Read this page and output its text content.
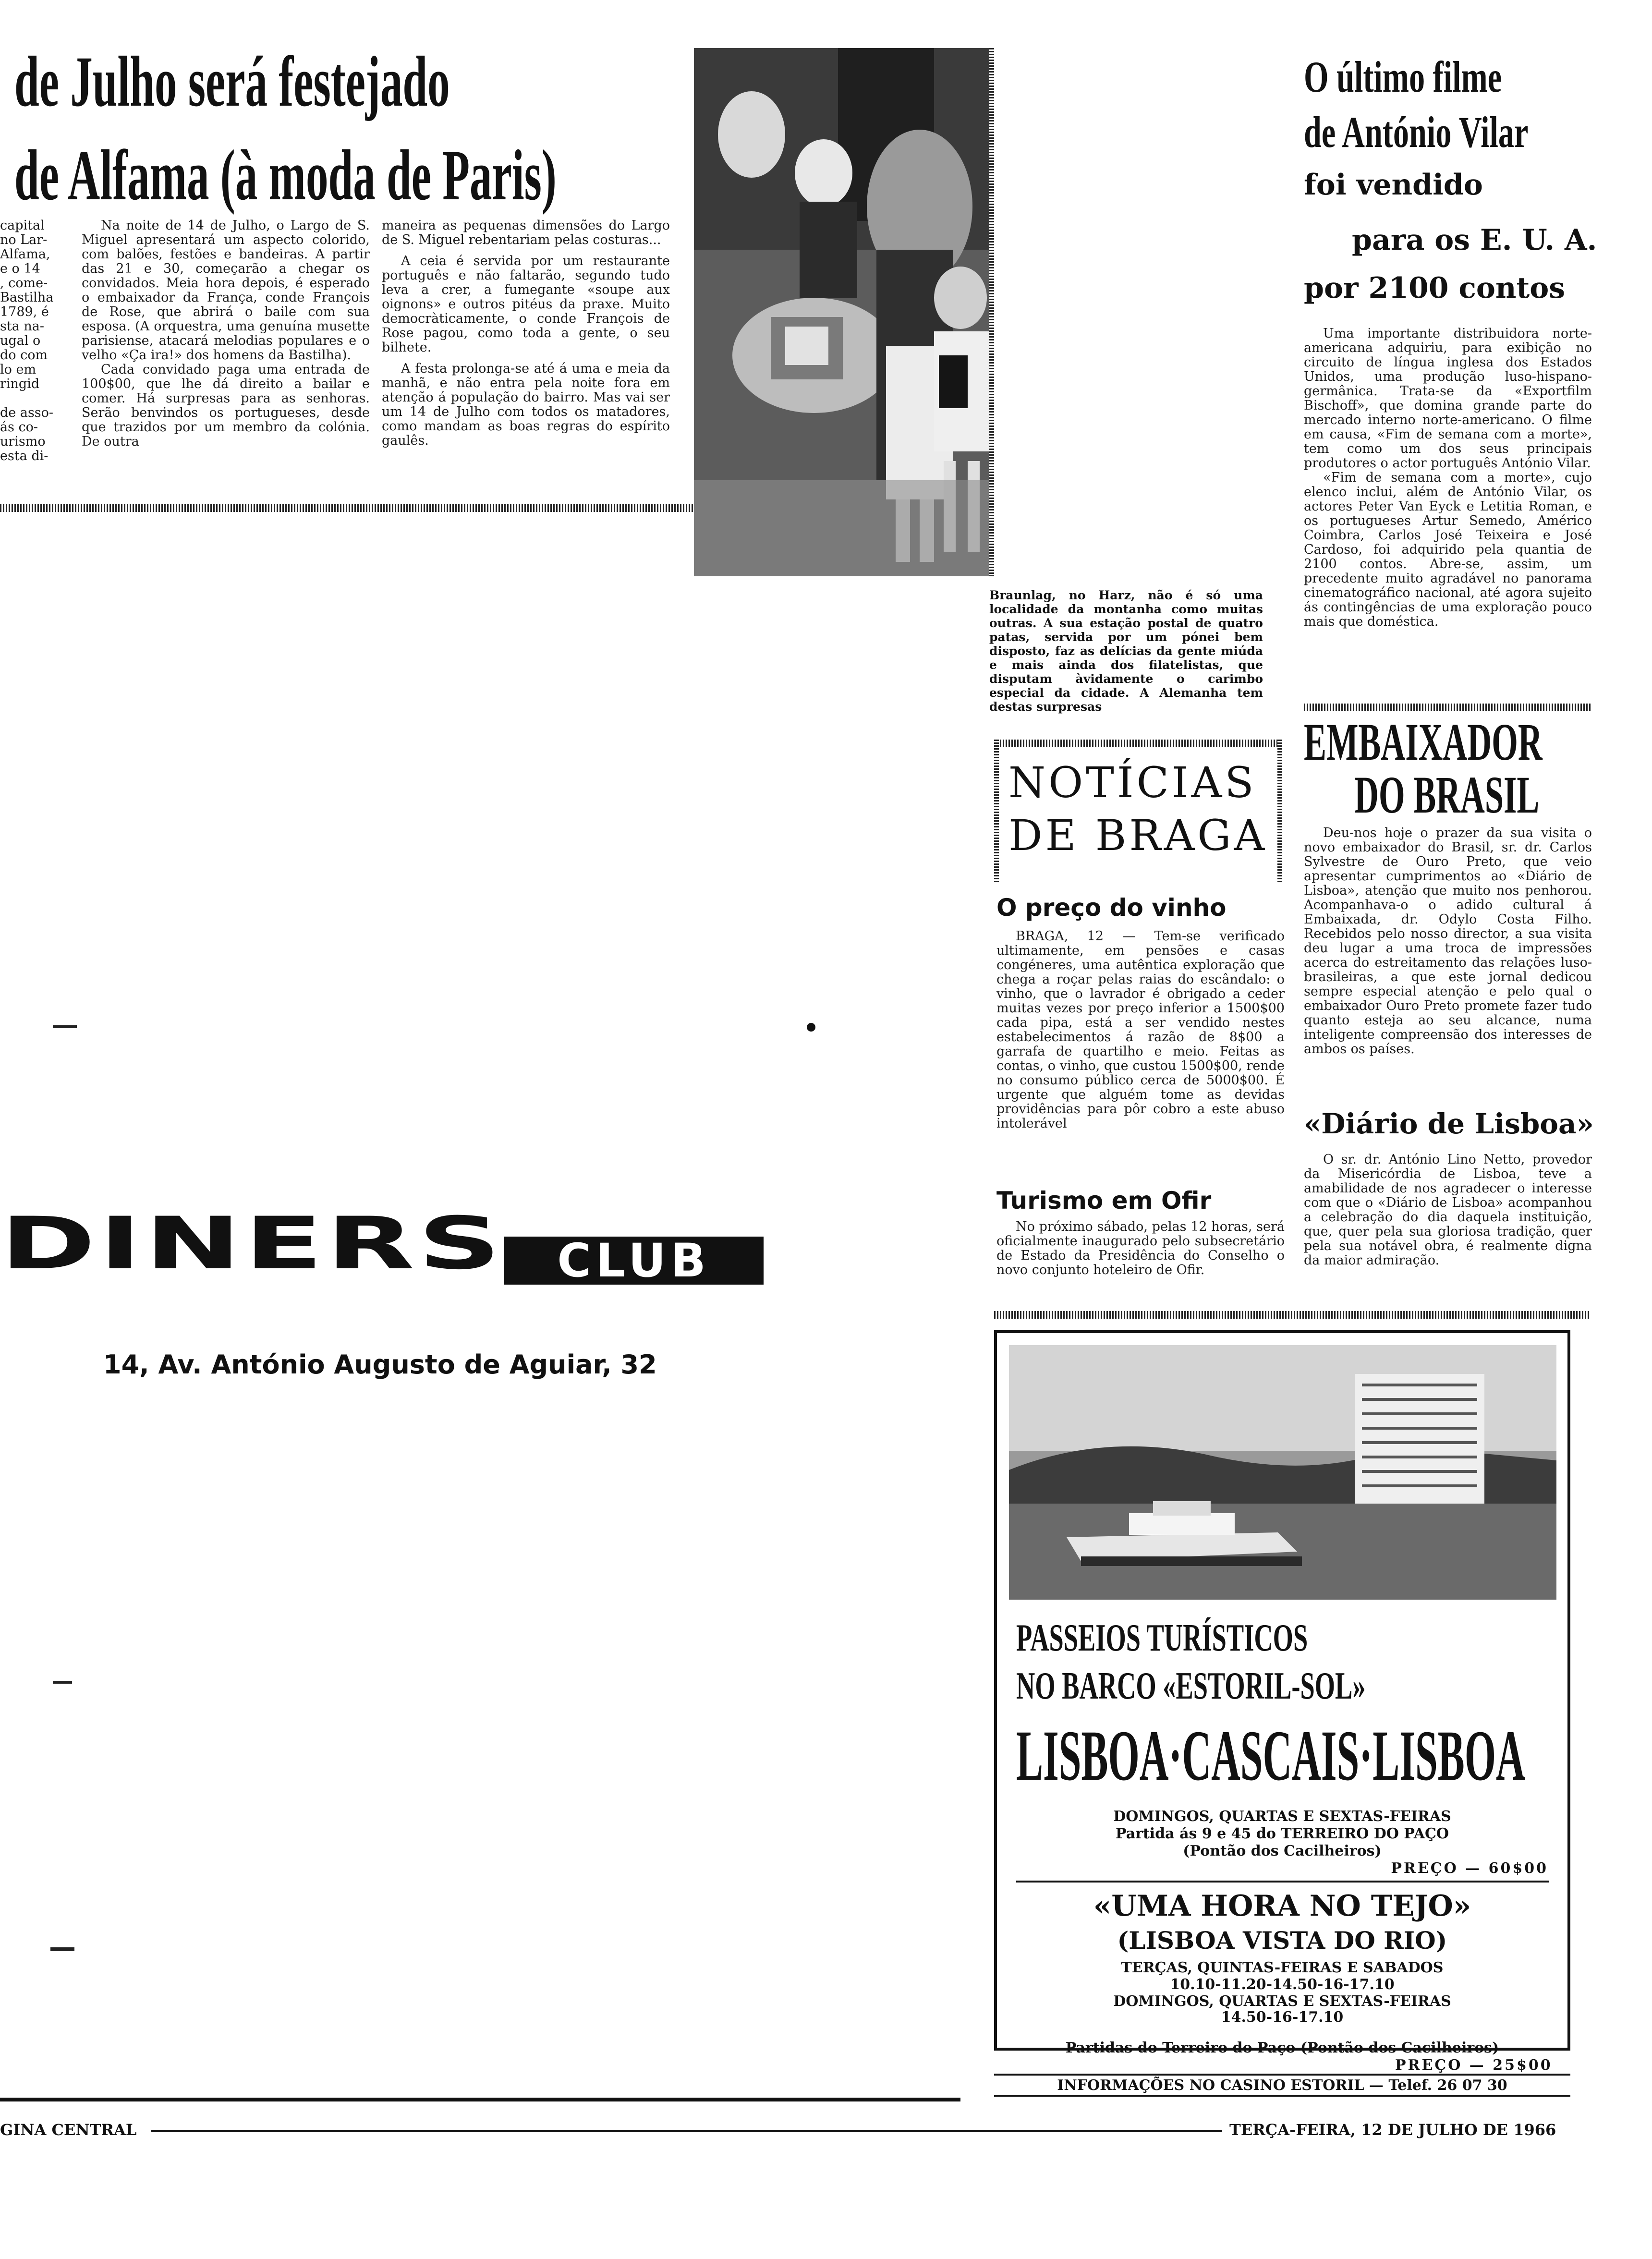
de Julho será festejado
de Alfama (à moda de Paris)
capital
no Lar-
Alfama,
e o 14
, come-
Bastilha
1789, é
sta na-
ugal o
do com
lo em
ringid

de asso-
ás co-
urismo
esta di-

Na noite de 14 de Julho, o Largo de S. Miguel apresentará um aspecto colorido, com balões, festões e bandeiras. A partir das 21 e 30, começarão a chegar os convidados. Meia hora depois, é esperado o embaixador da França, conde François de Rose, que abrirá o baile com sua esposa. (A orquestra, uma genuína musette parisiense, atacará melodias populares e o velho «Ça ira!» dos homens da Bastilha).

Cada convidado paga uma entrada de 100$00, que lhe dá direito a bailar e comer. Há surpresas para as senhoras. Serão benvindos os portugueses, desde que trazidos por um membro da colónia. De outra

maneira as pequenas dimensões do Largo de S. Miguel rebentariam pelas costuras...

A ceia é servida por um restaurante português e não faltarão, segundo tudo leva a crer, a fumegante «soupe aux oignons» e outros pitéus da praxe. Muito democràticamente, o conde François de Rose pagou, como toda a gente, o seu bilhete.

A festa prolonga-se até á uma e meia da manhã, e não entra pela noite fora em atenção á população do bairro. Mas vai ser um 14 de Julho com todos os matadores, como mandam as boas regras do espírito gaulês.

Braunlag, no Harz, não é só uma localidade da montanha como muitas outras. A sua estação postal de quatro patas, servida por um pónei bem disposto, faz as delícias da gente miúda e mais ainda dos filatelistas, que disputam àvidamente o carimbo especial da cidade. A Alemanha tem destas surpresas
O último filme
de António Vilar
foi vendido
para os E. U. A.
por 2100 contos

Uma importante distribuidora norte-americana adquiriu, para exibição no circuito de língua inglesa dos Estados Unidos, uma produção luso-hispano-germânica. Trata-se da «Exportfilm Bischoff», que domina grande parte do mercado interno norte-americano. O filme em causa, «Fim de semana com a morte», tem como um dos seus principais produtores o actor português António Vilar.

«Fim de semana com a morte», cujo elenco inclui, além de António Vilar, os actores Peter Van Eyck e Letitia Roman, e os portugueses Artur Semedo, Américo Coimbra, Carlos José Teixeira e José Cardoso, foi adquirido pela quantia de 2100 contos. Abre-se, assim, um precedente muito agradável no panorama cinematográfico nacional, até agora sujeito ás contingências de uma exploração pouco mais que doméstica.

EMBAIXADOR
DO BRASIL

Deu-nos hoje o prazer da sua visita o novo embaixador do Brasil, sr. dr. Carlos Sylvestre de Ouro Preto, que veio apresentar cumprimentos ao «Diário de Lisboa», atenção que muito nos penhorou. Acompanhava-o o adido cultural á Embaixada, dr. Odylo Costa Filho. Recebidos pelo nosso director, a sua visita deu lugar a uma troca de impressões acerca do estreitamento das relações luso-brasileiras, a que este jornal dedicou sempre especial atenção e pelo qual o embaixador Ouro Preto promete fazer tudo quanto esteja ao seu alcance, numa inteligente compreensão dos interesses de ambos os países.

«Diário de Lisboa»

O sr. dr. António Lino Netto, provedor da Misericórdia de Lisboa, teve a amabilidade de nos agradecer o interesse com que o «Diário de Lisboa» acompanhou a celebração do dia daquela instituição, que, quer pela sua gloriosa tradição, quer pela sua notável obra, é realmente digna da maior admiração.

NOTÍCIAS
DE BRAGA
O preço do vinho

BRAGA, 12 — Tem-se verificado ultimamente, em pensões e casas congéneres, uma autêntica exploração que chega a roçar pelas raias do escândalo: o vinho, que o lavrador é obrigado a ceder muitas vezes por preço inferior a 1500$00 cada pipa, está a ser vendido nestes estabelecimentos á razão de 8$00 a garrafa de quartilho e meio. Feitas as contas, o vinho, que custou 1500$00, rende no consumo público cerca de 5000$00. É urgente que alguém tome as devidas providências para pôr cobro a este abuso intolerável

Turismo em Ofir

No próximo sábado, pelas 12 horas, será oficialmente inaugurado pelo subsecretário de Estado da Presidência do Conselho o novo conjunto hoteleiro de Ofir.

DINERS	CLUB
14, Av. António Augusto de Aguiar, 32
PASSEIOS TURÍSTICOS
NO BARCO «ESTORIL-SOL»
LISBOA·CASCAIS·LISBOA
DOMINGOS, QUARTAS E SEXTAS-FEIRAS
Partida ás 9 e 45 do TERREIRO DO PAÇO
(Pontão dos Cacilheiros)
PREÇO — 60$00
«UMA HORA NO TEJO»
(LISBOA VISTA DO RIO)
TERÇAS, QUINTAS-FEIRAS E SABADOS
10.10-11.20-14.50-16-17.10
DOMINGOS, QUARTAS E SEXTAS-FEIRAS
14.50-16-17.10
Partidas do Terreiro do Paço (Pontão dos Cacilheiros)
PREÇO — 25$00
INFORMAÇÕES NO CASINO ESTORIL — Telef. 26 07 30
GINA CENTRAL	TERÇA-FEIRA, 12 DE JULHO DE 1966
